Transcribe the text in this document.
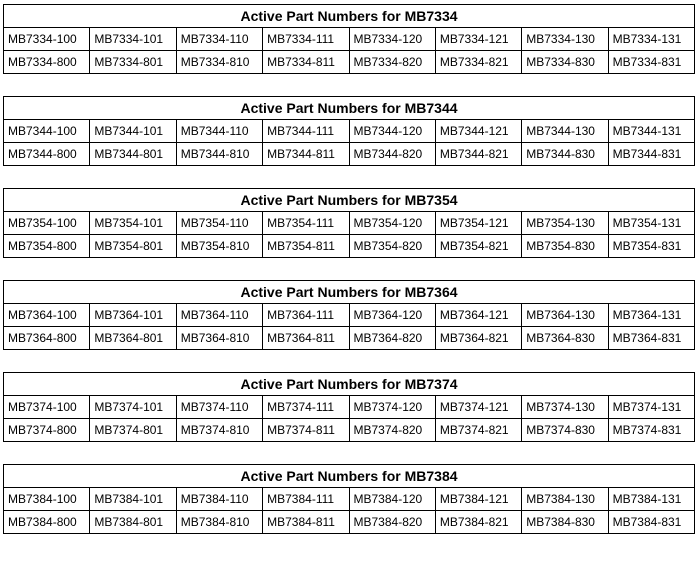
Active Part Numbers for MB7334							
MB7334-100	MB7334-101	MB7334-110	MB7334-111	MB7334-120	MB7334-121	MB7334-130	MB7334-131
MB7334-800	MB7334-801	MB7334-810	MB7334-811	MB7334-820	MB7334-821	MB7334-830	MB7334-831
Active Part Numbers for MB7344							
MB7344-100	MB7344-101	MB7344-110	MB7344-111	MB7344-120	MB7344-121	MB7344-130	MB7344-131
MB7344-800	MB7344-801	MB7344-810	MB7344-811	MB7344-820	MB7344-821	MB7344-830	MB7344-831
Active Part Numbers for MB7354							
MB7354-100	MB7354-101	MB7354-110	MB7354-111	MB7354-120	MB7354-121	MB7354-130	MB7354-131
MB7354-800	MB7354-801	MB7354-810	MB7354-811	MB7354-820	MB7354-821	MB7354-830	MB7354-831
Active Part Numbers for MB7364							
MB7364-100	MB7364-101	MB7364-110	MB7364-111	MB7364-120	MB7364-121	MB7364-130	MB7364-131
MB7364-800	MB7364-801	MB7364-810	MB7364-811	MB7364-820	MB7364-821	MB7364-830	MB7364-831
Active Part Numbers for MB7374							
MB7374-100	MB7374-101	MB7374-110	MB7374-111	MB7374-120	MB7374-121	MB7374-130	MB7374-131
MB7374-800	MB7374-801	MB7374-810	MB7374-811	MB7374-820	MB7374-821	MB7374-830	MB7374-831
Active Part Numbers for MB7384							
MB7384-100	MB7384-101	MB7384-110	MB7384-111	MB7384-120	MB7384-121	MB7384-130	MB7384-131
MB7384-800	MB7384-801	MB7384-810	MB7384-811	MB7384-820	MB7384-821	MB7384-830	MB7384-831
